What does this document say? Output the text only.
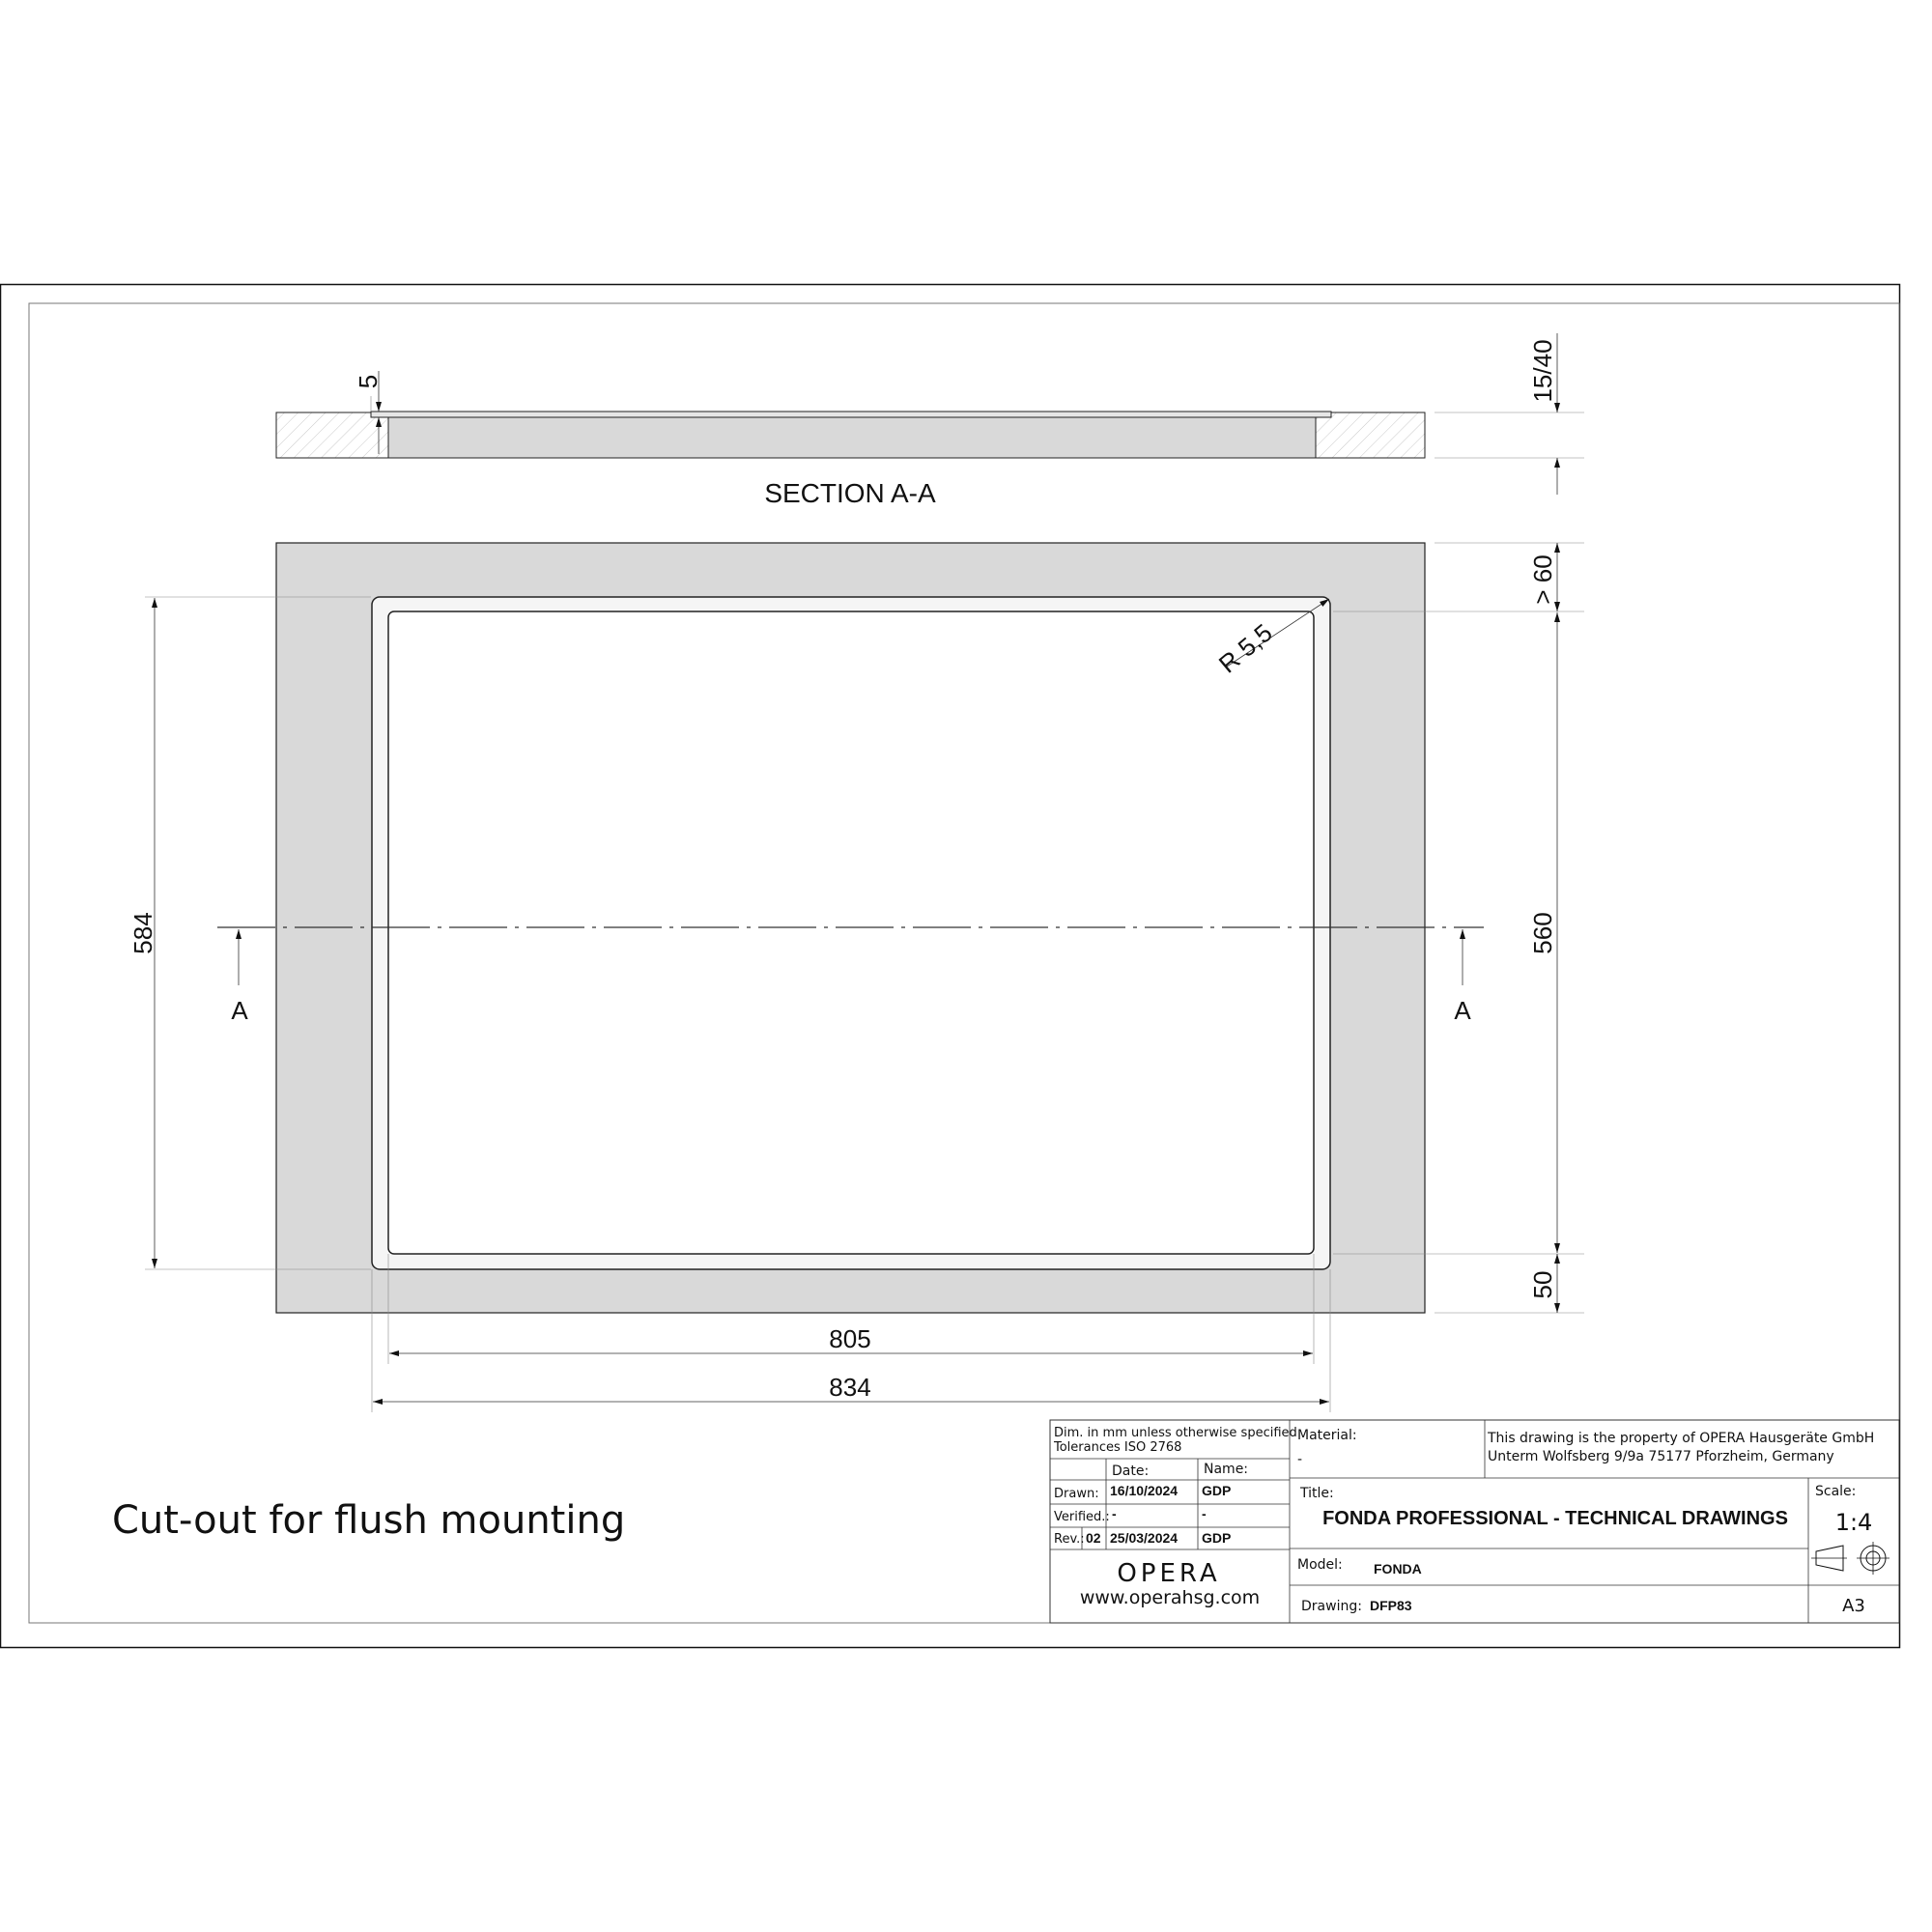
5	15/40
SECTION A-A
A	A
R 5,5
584
> 60
560
50
805
834
Cut-out for flush mounting
Dim. in mm unless otherwise specified
Tolerances ISO 2768
Date:	Name:
Drawn: 16/10/2024 GDP
Verified.: -	-
Rev.: 02 25/03/2024 GDP
OPERA
www.operahsg.com
Material:
-
This drawing is the property of OPERA Hausgeräte GmbH
Unterm Wolfsberg 9/9a 75177 Pforzheim, Germany
Title:
FONDA PROFESSIONAL - TECHNICAL DRAWINGS
Scale:
1:4
Model: FONDA
Drawing: DFP83	A3
